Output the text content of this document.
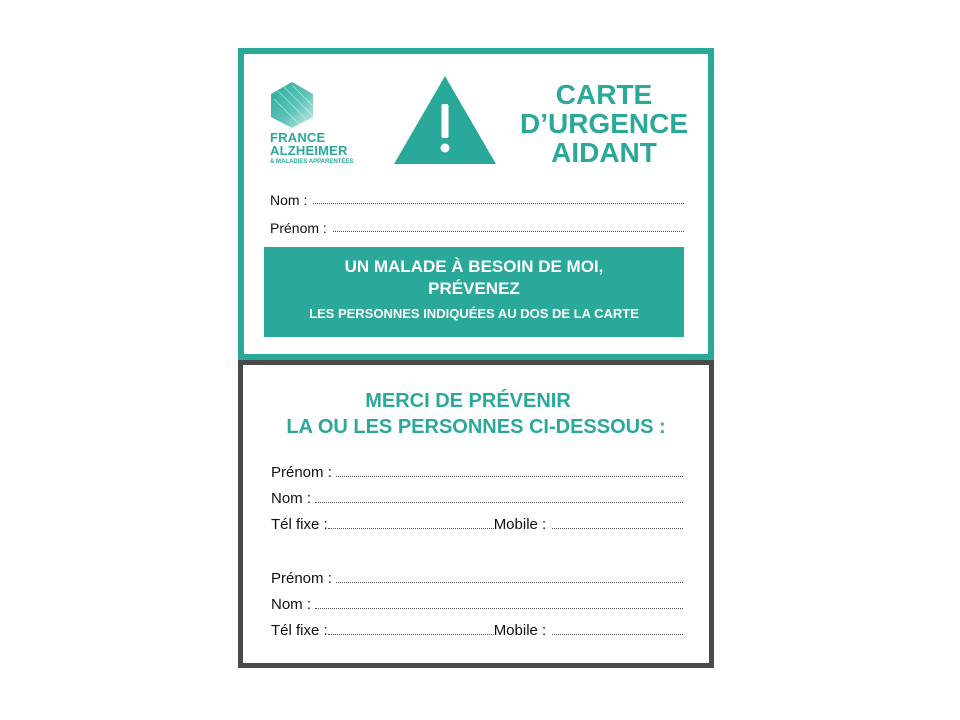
FRANCE
ALZHEIMER
& MALADIES APPARENTÉES
CARTE
D’URGENCE
AIDANT
Nom :
Prénom :
UN MALADE À BESOIN DE MOI,
PRÉVENEZ
LES PERSONNES INDIQUÉES AU DOS DE LA CARTE
MERCI DE PRÉVENIR
LA OU LES PERSONNES CI-DESSOUS :
Prénom :
Nom :
Tél fixe :	Mobile :
Prénom :
Nom :
Tél fixe :	Mobile :
